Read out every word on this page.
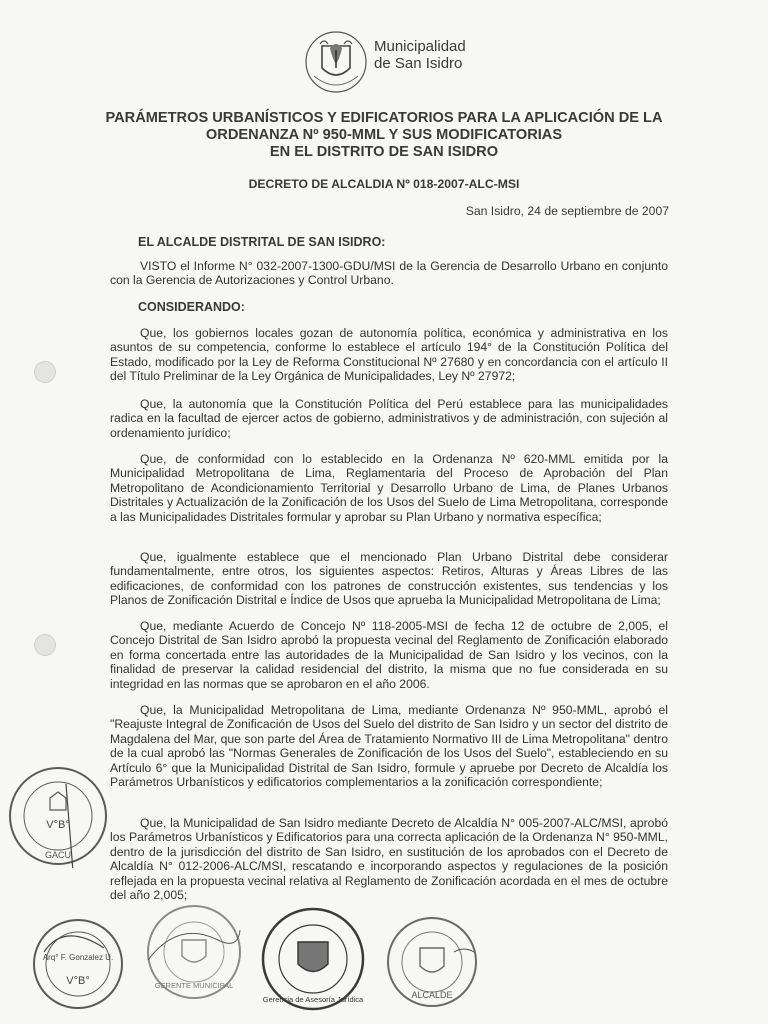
Municipalidad
de San Isidro
PARÁMETROS URBANÍSTICOS Y EDIFICATORIOS PARA LA APLICACIÓN DE LA
ORDENANZA Nº 950-MML Y SUS MODIFICATORIAS
EN EL DISTRITO DE SAN ISIDRO
DECRETO DE ALCALDIA Nº 018-2007-ALC-MSI
San Isidro, 24 de septiembre de 2007
EL ALCALDE DISTRITAL DE SAN ISIDRO:
VISTO el Informe N° 032-2007-1300-GDU/MSI de la Gerencia de Desarrollo Urbano en conjunto con la Gerencia de Autorizaciones y Control Urbano.
CONSIDERANDO:
Que, los gobiernos locales gozan de autonomía política, económica y administrativa en los asuntos de su competencia, conforme lo establece el artículo 194° de la Constitución Política del Estado, modificado por la Ley de Reforma Constitucional Nº 27680 y en concordancia con el artículo II del Título Preliminar de la Ley Orgánica de Municipalidades, Ley Nº 27972;
Que, la autonomía que la Constitución Política del Perú establece para las municipalidades radica en la facultad de ejercer actos de gobierno, administrativos y de administración, con sujeción al ordenamiento jurídico;
Que, de conformidad con lo establecido en la Ordenanza Nº 620-MML emitida por la Municipalidad Metropolitana de Lima, Reglamentaria del Proceso de Aprobación del Plan Metropolitano de Acondicionamiento Territorial y Desarrollo Urbano de Lima, de Planes Urbanos Distritales y Actualización de la Zonificación de los Usos del Suelo de Lima Metropolitana, corresponde a las Municipalidades Distritales formular y aprobar su Plan Urbano y normativa específica;
Que, igualmente establece que el mencionado Plan Urbano Distrital debe considerar fundamentalmente, entre otros, los siguientes aspectos: Retiros, Alturas y Áreas Libres de las edificaciones, de conformidad con los patrones de construcción existentes, sus tendencias y los Planos de Zonificación Distrital e Índice de Usos que aprueba la Municipalidad Metropolitana de Lima;
Que, mediante Acuerdo de Concejo Nº 118-2005-MSI de fecha 12 de octubre de 2,005, el Concejo Distrital de San Isidro aprobó la propuesta vecinal del Reglamento de Zonificación elaborado en forma concertada entre las autoridades de la Municipalidad de San Isidro y los vecinos, con la finalidad de preservar la calidad residencial del distrito, la misma que no fue considerada en su integridad en las normas que se aprobaron en el año 2006.
Que, la Municipalidad Metropolitana de Lima, mediante Ordenanza Nº 950-MML, aprobó el "Reajuste Integral de Zonificación de Usos del Suelo del distrito de San Isidro y un sector del distrito de Magdalena del Mar, que son parte del Área de Tratamiento Normativo III de Lima Metropolitana" dentro de la cual aprobó las "Normas Generales de Zonificación de los Usos del Suelo", estableciendo en su Artículo 6° que la Municipalidad Distrital de San Isidro, formule y apruebe por Decreto de Alcaldía los Parámetros Urbanísticos y edificatorios complementarios a la zonificación correspondiente;
Que, la Municipalidad de San Isidro mediante Decreto de Alcaldía N° 005-2007-ALC/MSI, aprobó los Parámetros Urbanísticos y Edificatorios para una correcta aplicación de la Ordenanza N° 950-MML, dentro de la jurisdicción del distrito de San Isidro, en sustitución de los aprobados con el Decreto de Alcaldía N° 012-2006-ALC/MSI, rescatando e incorporando aspectos y regulaciones de la posición reflejada en la propuesta vecinal relativa al Reglamento de Zonificación acordada en el mes de octubre del año 2,005;
V°B°
GACU
Arq° F. Gonzalez U.
V°B°	GERENTE MUNICIPAL
Gerencia de Asesoría Jurídica	ALCALDE
